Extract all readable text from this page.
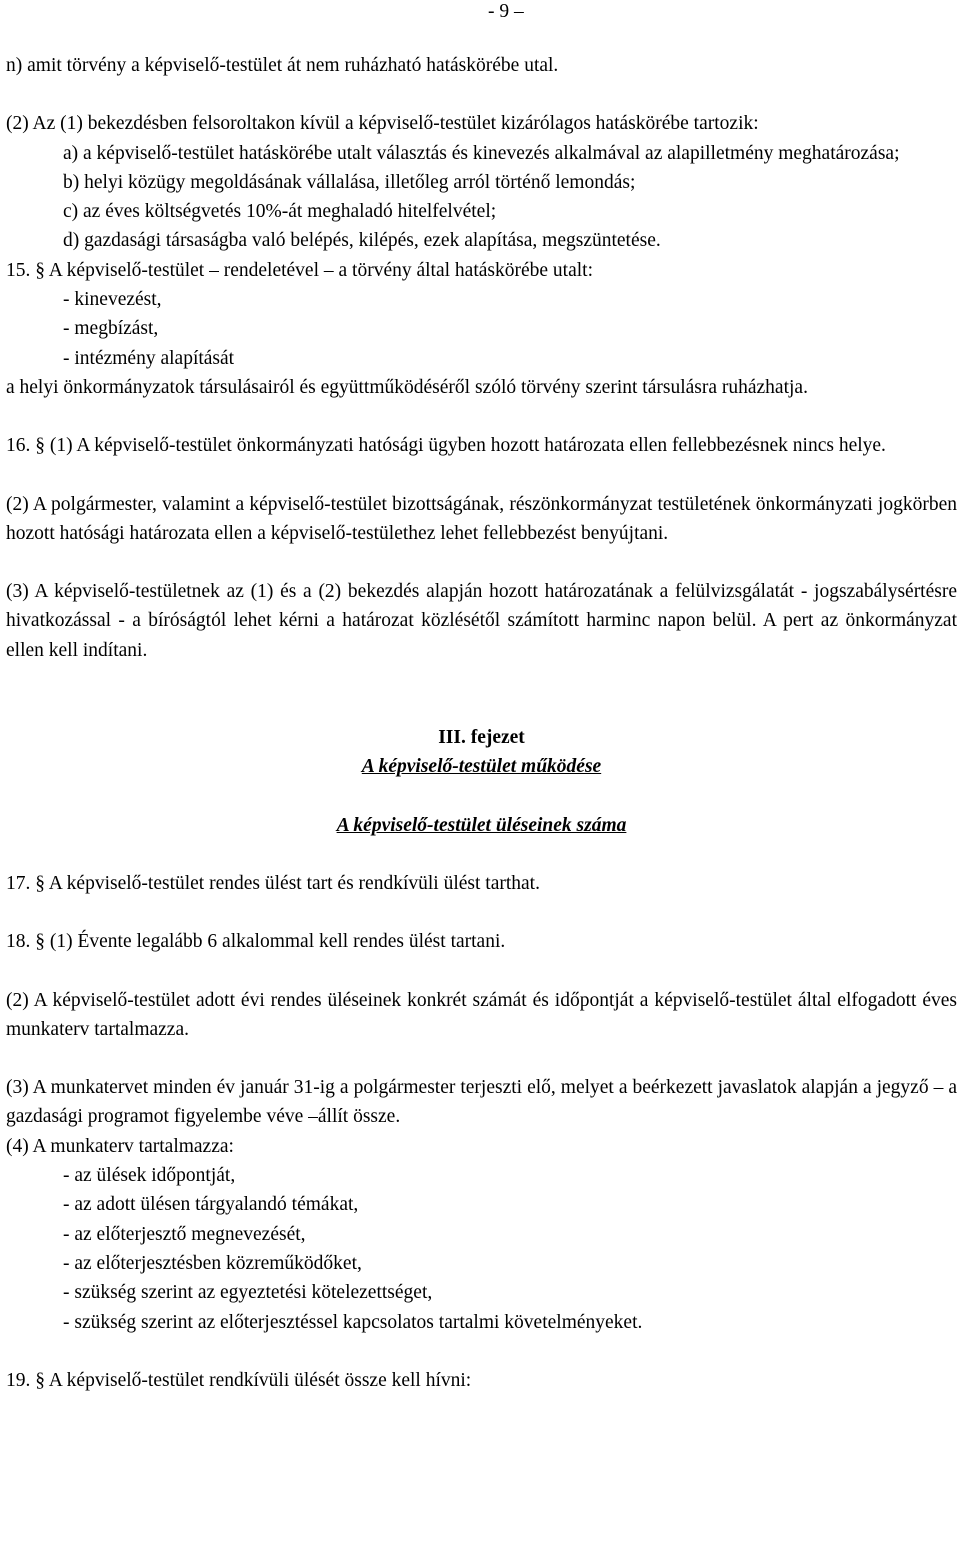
- 9 –

n) amit törvény a képviselő-testület át nem ruházható hatáskörébe utal.

(2) Az (1) bekezdésben felsoroltakon kívül a képviselő-testület kizárólagos hatáskörébe tartozik:

a) a képviselő-testület hatáskörébe utalt választás és kinevezés alkalmával az alapilletmény meghatározása;

b) helyi közügy megoldásának vállalása, illetőleg arról történő lemondás;

c) az éves költségvetés 10%-át meghaladó hitelfelvétel;

d) gazdasági társaságba való belépés, kilépés, ezek alapítása, megszüntetése.

15. § A képviselő-testület – rendeletével – a törvény által hatáskörébe utalt:

- kinevezést,

- megbízást,

- intézmény alapítását

a helyi önkormányzatok társulásairól és együttműködéséről szóló törvény szerint társulásra ruházhatja.

16. § (1) A képviselő-testület önkormányzati hatósági ügyben hozott határozata ellen fellebbezésnek nincs helye.

(2) A polgármester, valamint a képviselő-testület bizottságának, részönkormányzat testületének önkormányzati jogkörben hozott hatósági határozata ellen a képviselő-testülethez lehet fellebbezést benyújtani.

(3) A képviselő-testületnek az (1) és a (2) bekezdés alapján hozott határozatának a felülvizsgálatát - jogszabálysértésre hivatkozással - a bíróságtól lehet kérni a határozat közlésétől számított harminc napon belül. A pert az önkormányzat ellen kell indítani.

III. fejezet

A képviselő-testület működése

A képviselő-testület üléseinek száma

17. § A képviselő-testület rendes ülést tart és rendkívüli ülést tarthat.

18. § (1) Évente legalább 6 alkalommal kell rendes ülést tartani.

(2) A képviselő-testület adott évi rendes üléseinek konkrét számát és időpontját a képviselő-testület által elfogadott éves munkaterv tartalmazza.

(3) A munkatervet minden év január 31-ig a polgármester terjeszti elő, melyet a beérkezett javaslatok alapján a jegyző – a gazdasági programot figyelembe véve –állít össze.

(4) A munkaterv tartalmazza:

- az ülések időpontját,

- az adott ülésen tárgyalandó témákat,

- az előterjesztő megnevezését,

- az előterjesztésben közreműködőket,

- szükség szerint az egyeztetési kötelezettséget,

- szükség szerint az előterjesztéssel kapcsolatos tartalmi követelményeket.

19. § A képviselő-testület rendkívüli ülését össze kell hívni:
